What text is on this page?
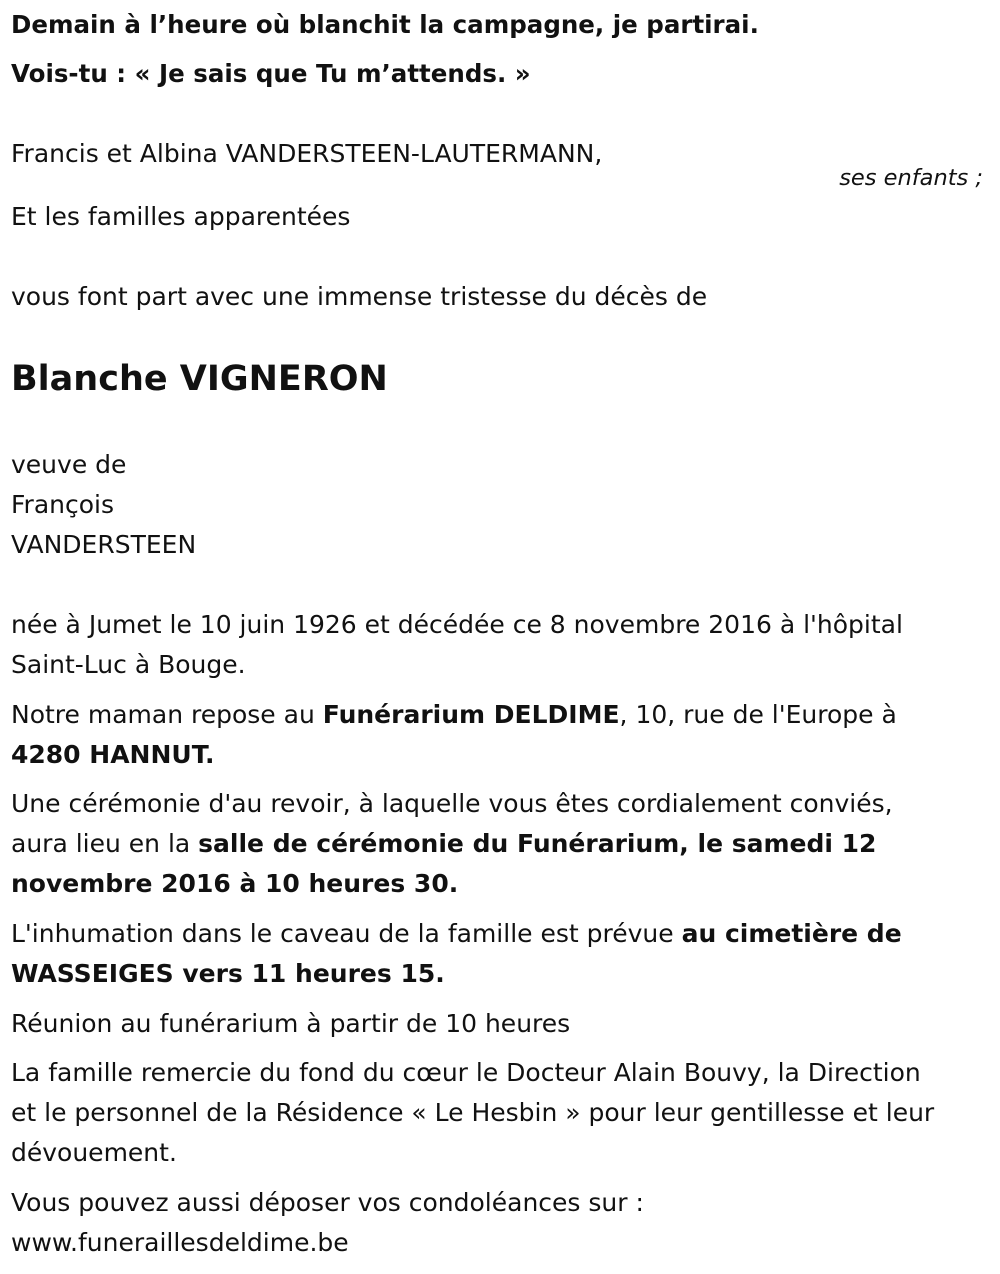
Demain à l’heure où blanchit la campagne, je partirai.
Vois-tu : « Je sais que Tu m’attends. »
Francis et Albina VANDERSTEEN-LAUTERMANN,
ses enfants ;
Et les familles apparentées
vous font part avec une immense tristesse du décès de
Blanche VIGNERON
veuve de
François
VANDERSTEEN
née à Jumet le 10 juin 1926 et décédée ce 8 novembre 2016 à l'hôpital
Saint-Luc à Bouge.
Notre maman repose au Funérarium DELDIME, 10, rue de l'Europe à
4280 HANNUT.
Une cérémonie d'au revoir, à laquelle vous êtes cordialement conviés,
aura lieu en la salle de cérémonie du Funérarium, le samedi 12
novembre 2016 à 10 heures 30.
L'inhumation dans le caveau de la famille est prévue au cimetière de
WASSEIGES vers 11 heures 15.
Réunion au funérarium à partir de 10 heures
La famille remercie du fond du cœur le Docteur Alain Bouvy, la Direction
et le personnel de la Résidence « Le Hesbin » pour leur gentillesse et leur
dévouement.
Vous pouvez aussi déposer vos condoléances sur :
www.funeraillesdeldime.be
